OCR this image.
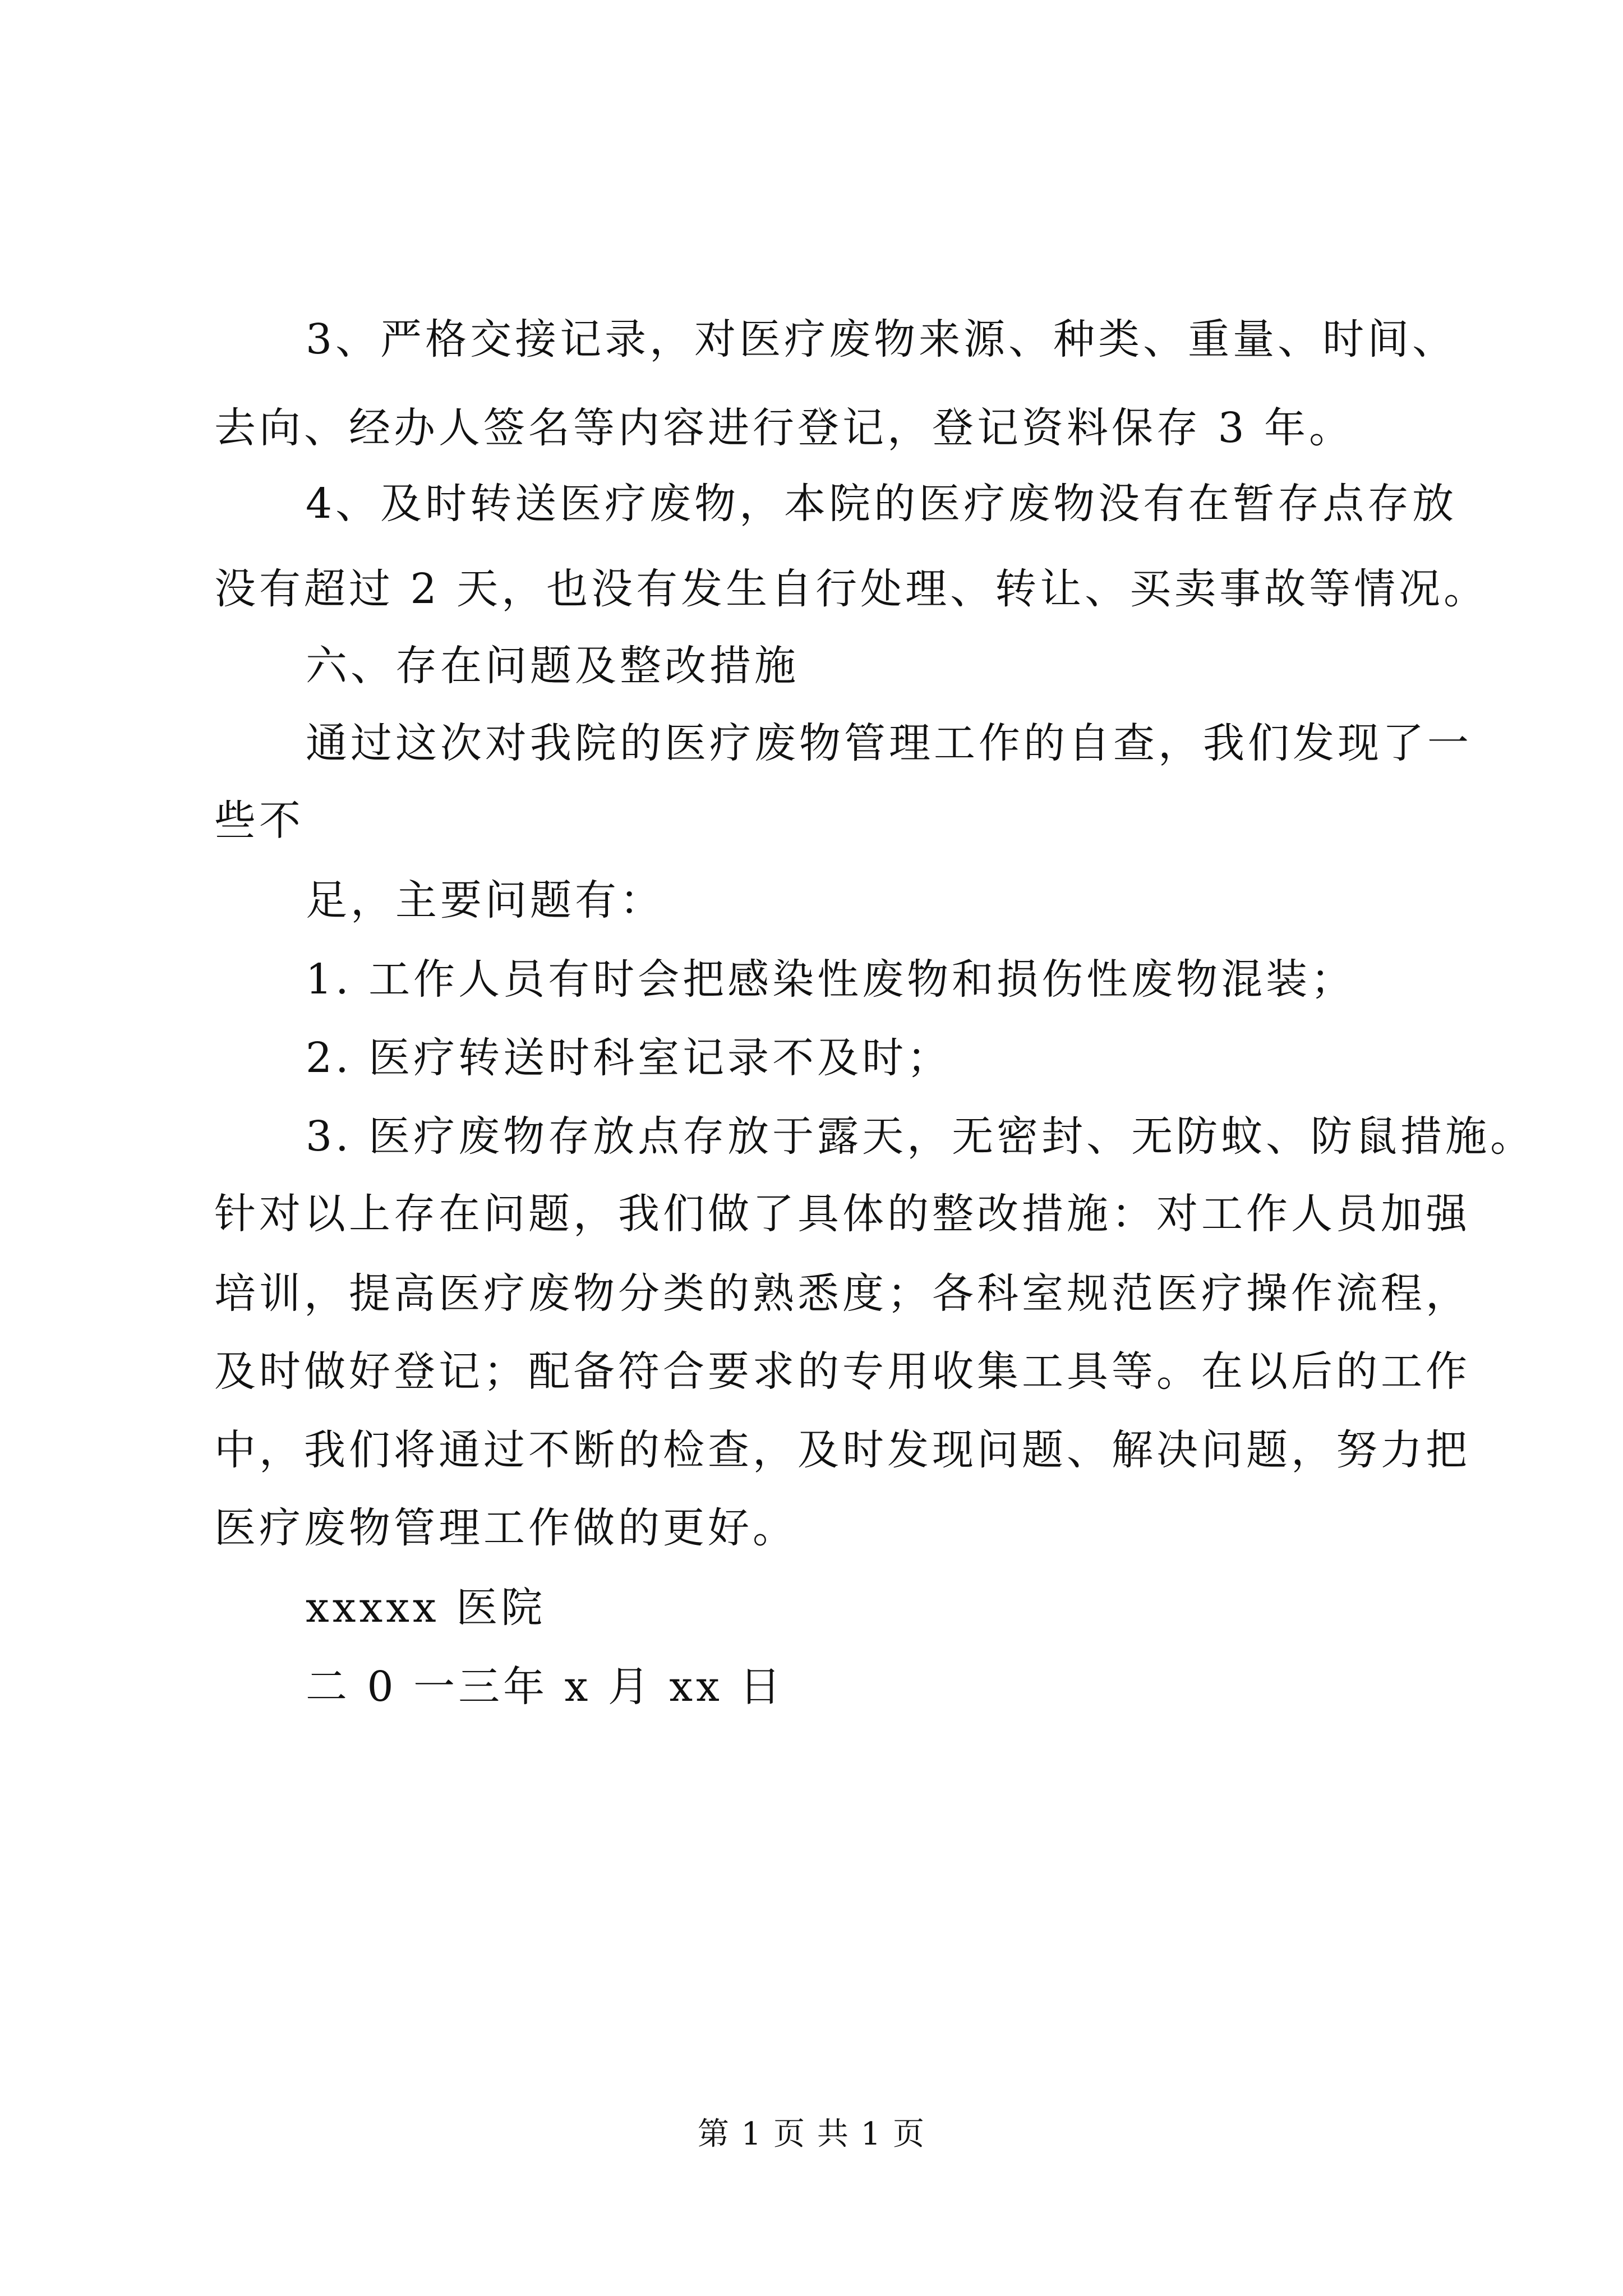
3、严格交接记录，对医疗废物来源、种类、重量、时间、
去向、经办人签名等内容进行登记，登记资料保存 3 年。
4、及时转送医疗废物，本院的医疗废物没有在暂存点存放
没有超过 2 天，也没有发生自行处理、转让、买卖事故等情况。
六、存在问题及整改措施
通过这次对我院的医疗废物管理工作的自查，我们发现了一
些不
足，主要问题有：
1. 工作人员有时会把感染性废物和损伤性废物混装；
2. 医疗转送时科室记录不及时；
3. 医疗废物存放点存放于露天，无密封、无防蚊、防鼠措施。
针对以上存在问题，我们做了具体的整改措施：对工作人员加强
培训，提高医疗废物分类的熟悉度；各科室规范医疗操作流程，
及时做好登记；配备符合要求的专用收集工具等。在以后的工作
中，我们将通过不断的检查，及时发现问题、解决问题，努力把
医疗废物管理工作做的更好。
xxxxx 医院
二 0 一三年 x 月 xx 日
第 1 页 共 1 页
